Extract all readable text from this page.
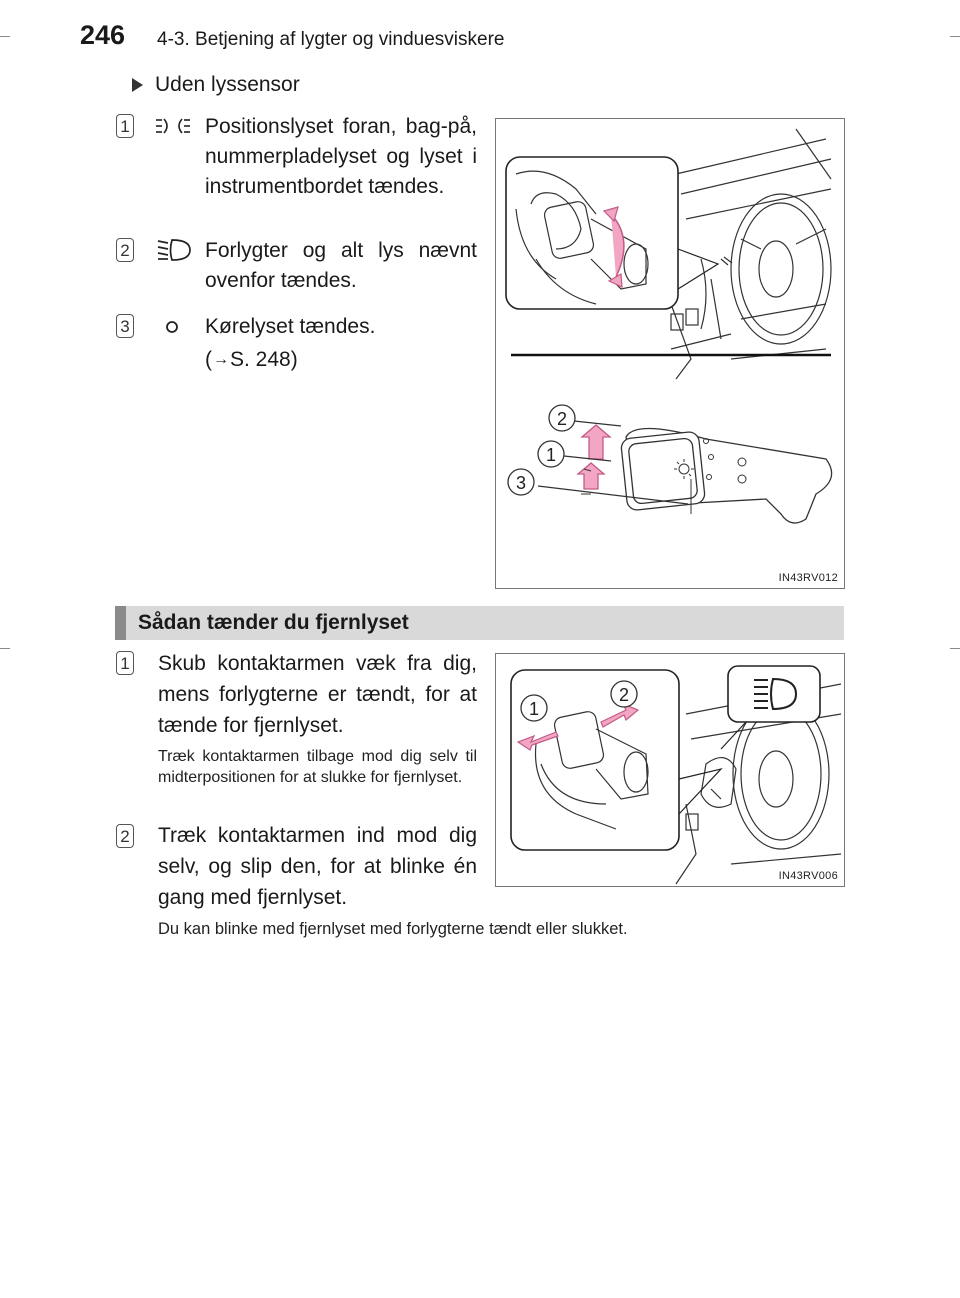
246 4-3. Betjening af lygter og vinduesviskere
Uden lyssensor
1	Positionslyset foran, bag-på, nummerpladelyset og lyset i instrumentbordet tændes.
2	Forlygter og alt lys nævnt ovenfor tændes.
3	Kørelyset tændes.
( → S. 248)
2
1
3
IN43RV012
Sådan tænder du fjernlyset
1 Skub kontaktarmen væk fra dig, mens forlygterne er tændt, for at tænde for fjernlyset.
Træk kontaktarmen tilbage mod dig selv til midterpositionen for at slukke for fjernlyset.
2 Træk kontaktarmen ind mod dig selv, og slip den, for at blinke én gang med fjernlyset.
Du kan blinke med fjernlyset med forlygterne tændt eller slukket.
1
2
IN43RV006
